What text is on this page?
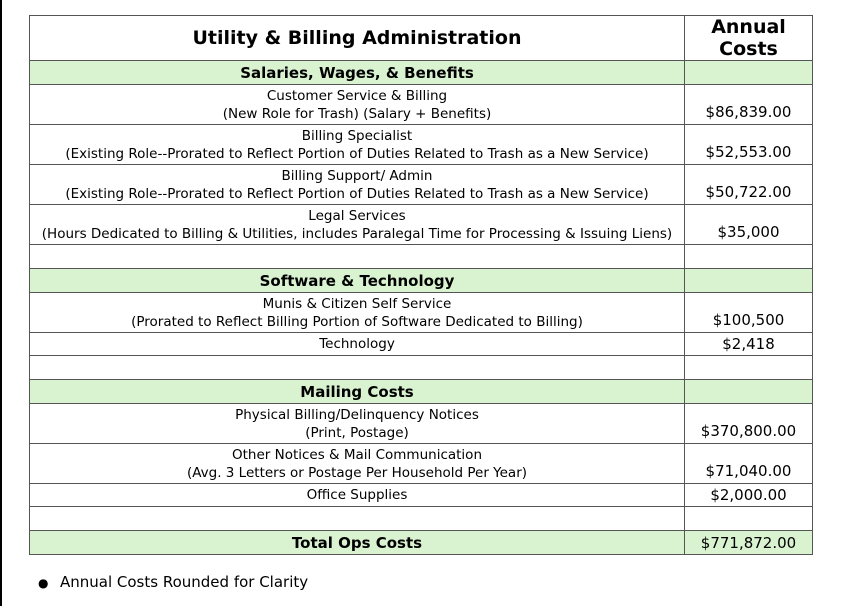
Utility & Billing Administration	Annual Costs
Salaries, Wages, & Benefits	
Customer Service & Billing
(New Role for Trash) (Salary + Benefits)	$86,839.00
Billing Specialist
(Existing Role--Prorated to Reflect Portion of Duties Related to Trash as a New Service)	$52,553.00
Billing Support/ Admin
(Existing Role--Prorated to Reflect Portion of Duties Related to Trash as a New Service)	$50,722.00
Legal Services
(Hours Dedicated to Billing & Utilities, includes Paralegal Time for Processing & Issuing Liens)	$35,000

Software & Technology	
Munis & Citizen Self Service
(Prorated to Reflect Billing Portion of Software Dedicated to Billing)	$100,500
Technology	$2,418

Mailing Costs	
Physical Billing/Delinquency Notices
(Print, Postage)	$370,800.00
Other Notices & Mail Communication
(Avg. 3 Letters or Postage Per Household Per Year)	$71,040.00
Office Supplies	$2,000.00

Total Ops Costs	$771,872.00
● Annual Costs Rounded for Clarity
